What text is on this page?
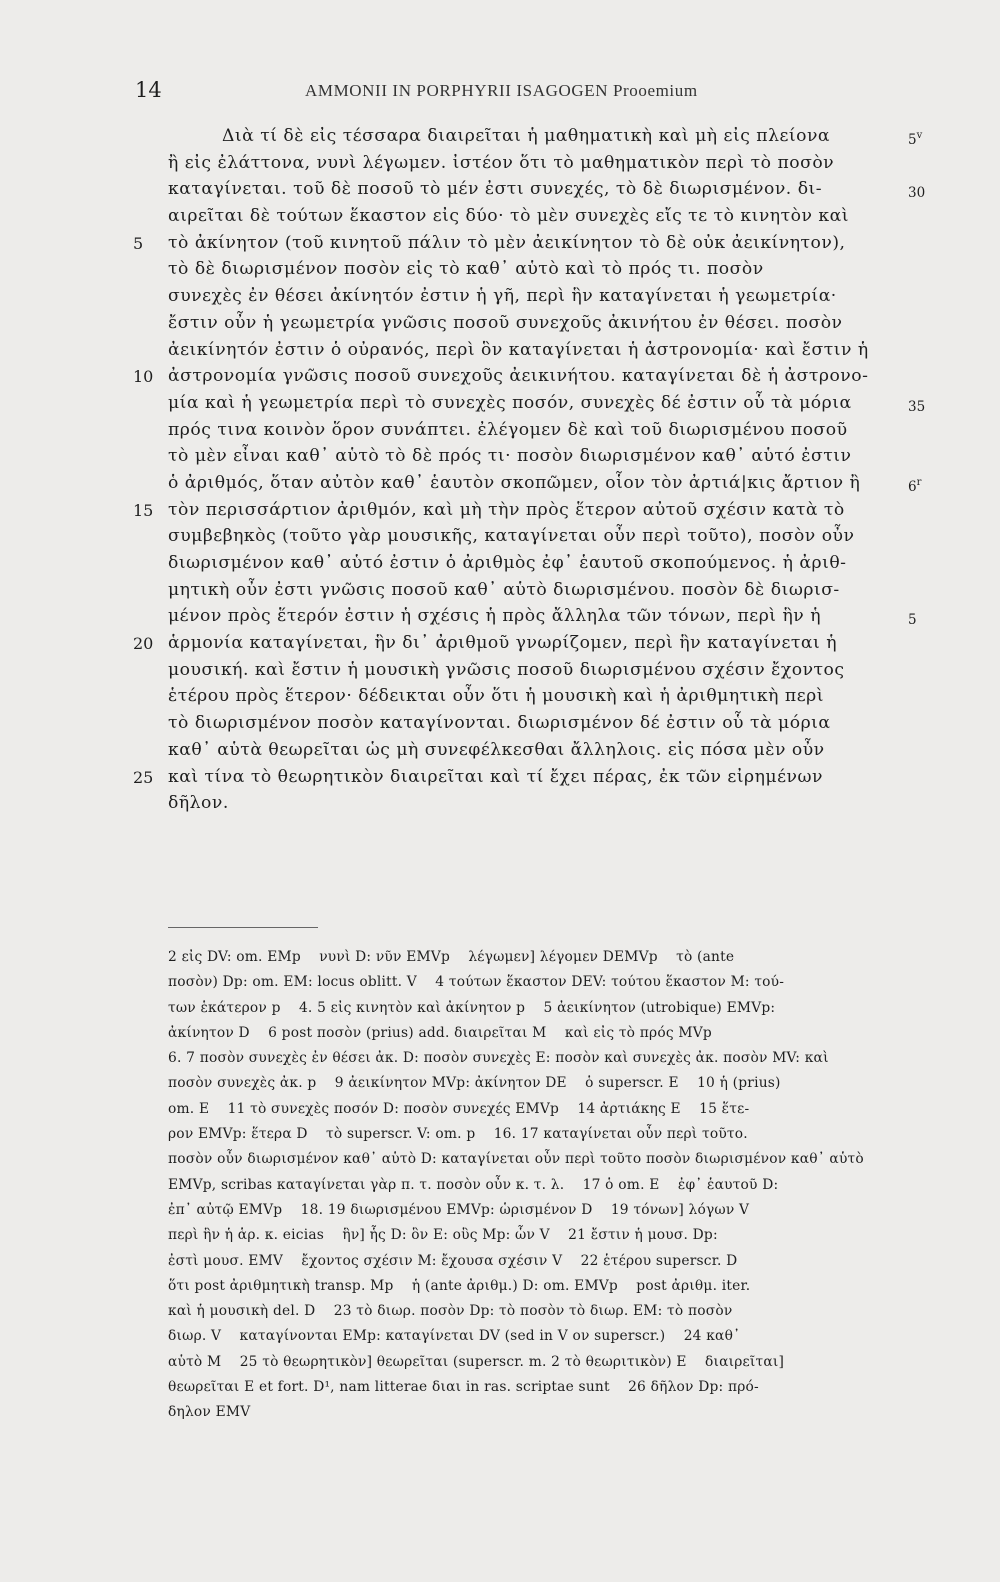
14	AMMONII IN PORPHYRII ISAGOGEN Prooemium
Διὰ τί δὲ εἰς τέσσαρα διαιρεῖται ἡ μαθηματικὴ καὶ μὴ εἰς πλείονα	5$^v$
ἢ εἰς ἐλάττονα, νυνὶ λέγωμεν. ἰστέον ὅτι τὸ μαθηματικὸν περὶ τὸ ποσὸν
καταγίνεται. τοῦ δὲ ποσοῦ τὸ μέν ἐστι συνεχές, τὸ δὲ διωρισμένον. δι-	30
αιρεῖται δὲ τούτων ἕκαστον εἰς δύο· τὸ μὲν συνεχὲς εἴς τε τὸ κινητὸν καὶ
5 τὸ ἀκίνητον (τοῦ κινητοῦ πάλιν τὸ μὲν ἀεικίνητον τὸ δὲ οὐκ ἀεικίνητον),
τὸ δὲ διωρισμένον ποσὸν εἰς τὸ καθ᾽ αὑτὸ καὶ τὸ πρός τι. ποσὸν
συνεχὲς ἐν θέσει ἀκίνητόν ἐστιν ἡ γῆ, περὶ ἣν καταγίνεται ἡ γεωμετρία·
ἔστιν οὖν ἡ γεωμετρία γνῶσις ποσοῦ συνεχοῦς ἀκινήτου ἐν θέσει. ποσὸν
ἀεικίνητόν ἐστιν ὁ οὐρανός, περὶ ὃν καταγίνεται ἡ ἀστρονομία· καὶ ἔστιν ἡ
10 ἀστρονομία γνῶσις ποσοῦ συνεχοῦς ἀεικινήτου. καταγίνεται δὲ ἡ ἀστρονο-
μία καὶ ἡ γεωμετρία περὶ τὸ συνεχὲς ποσόν, συνεχὲς δέ ἐστιν οὗ τὰ μόρια	35
πρός τινα κοινὸν ὅρον συνάπτει. ἐλέγομεν δὲ καὶ τοῦ διωρισμένου ποσοῦ
τὸ μὲν εἶναι καθ᾽ αὑτὸ τὸ δὲ πρός τι· ποσὸν διωρισμένον καθ᾽ αὑτό ἐστιν
ὁ ἀριθμός, ὅταν αὐτὸν καθ᾽ ἑαυτὸν σκοπῶμεν, οἷον τὸν ἀρτιά|κις ἄρτιον ἢ	6$^r$
15 τὸν περισσάρτιον ἀριθμόν, καὶ μὴ τὴν πρὸς ἕτερον αὐτοῦ σχέσιν κατὰ τὸ
συμβεβηκὸς (τοῦτο γὰρ μουσικῆς, καταγίνεται οὖν περὶ τοῦτο), ποσὸν οὖν
διωρισμένον καθ᾽ αὑτό ἐστιν ὁ ἀριθμὸς ἐφ᾽ ἑαυτοῦ σκοπούμενος. ἡ ἀριθ-
μητικὴ οὖν ἐστι γνῶσις ποσοῦ καθ᾽ αὑτὸ διωρισμένου. ποσὸν δὲ διωρισ-
μένον πρὸς ἕτερόν ἐστιν ἡ σχέσις ἡ πρὸς ἄλληλα τῶν τόνων, περὶ ἣν ἡ	5
20 ἁρμονία καταγίνεται, ἣν δι᾽ ἀριθμοῦ γνωρίζομεν, περὶ ἣν καταγίνεται ἡ
μουσική. καὶ ἔστιν ἡ μουσικὴ γνῶσις ποσοῦ διωρισμένου σχέσιν ἔχοντος
ἑτέρου πρὸς ἕτερον· δέδεικται οὖν ὅτι ἡ μουσικὴ καὶ ἡ ἀριθμητικὴ περὶ
τὸ διωρισμένον ποσὸν καταγίνονται. διωρισμένον δέ ἐστιν οὗ τὰ μόρια
καθ᾽ αὑτὰ θεωρεῖται ὡς μὴ συνεφέλκεσθαι ἄλληλοις. εἰς πόσα μὲν οὖν
25 καὶ τίνα τὸ θεωρητικὸν διαιρεῖται καὶ τί ἔχει πέρας, ἐκ τῶν εἰρημένων
δῆλον.
2 εἰς DV: om. EMp    νυνὶ D: νῦν EMVp    λέγωμεν] λέγομεν DEMVp    τὸ (ante
ποσὸν) Dp: om. EM: locus oblitt. V    4 τούτων ἕκαστον DEV: τούτου ἕκαστον M: τού-
των ἑκάτερον p    4. 5 εἰς κινητὸν καὶ ἀκίνητον p    5 ἀεικίνητον (utrobique) EMVp:
ἀκίνητον D    6 post ποσὸν (prius) add. διαιρεῖται M    καὶ εἰς τὸ πρός MVp
6. 7 ποσὸν συνεχὲς ἐν θέσει ἀκ. D: ποσὸν συνεχὲς E: ποσὸν καὶ συνεχὲς ἀκ. ποσὸν MV: καὶ
ποσὸν συνεχὲς ἀκ. p    9 ἀεικίνητον MVp: ἀκίνητον DE    ὁ superscr. E    10 ἡ (prius)
om. E    11 τὸ συνεχὲς ποσόν D: ποσὸν συνεχές EMVp    14 ἀρτιάκης E    15 ἕτε-
ρον EMVp: ἕτερα D    τὸ superscr. V: om. p    16. 17 καταγίνεται οὖν περὶ τοῦτο.
ποσὸν οὖν διωρισμένον καθ᾽ αὑτὸ D: καταγίνεται οὖν περὶ τοῦτο ποσὸν διωρισμένον καθ᾽ αὑτὸ
EMVp, scribas καταγίνεται γὰρ π. τ. ποσὸν οὖν κ. τ. λ.    17 ὁ om. E    ἐφ᾽ ἑαυτοῦ D:
ἐπ᾽ αὐτῷ EMVp    18. 19 διωρισμένου EMVp: ὡρισμένον D    19 τόνων] λόγων V
περὶ ἣν ἡ ἁρ. κ. eicias    ἣν] ἧς D: ὃν E: οὓς Mp: ὧν V    21 ἔστιν ἡ μουσ. Dp:
ἐστὶ μουσ. EMV    ἔχοντος σχέσιν M: ἔχουσα σχέσιν V    22 ἑτέρου superscr. D
ὅτι post ἀριθμητικὴ transp. Mp    ἡ (ante ἀριθμ.) D: om. EMVp    post ἀριθμ. iter.
καὶ ἡ μουσικὴ del. D    23 τὸ διωρ. ποσὸν Dp: τὸ ποσὸν τὸ διωρ. EM: τὸ ποσὸν
διωρ. V    καταγίνονται EMp: καταγίνεται DV (sed in V ον superscr.)    24 καθ᾽
αὑτὸ M    25 τὸ θεωρητικὸν] θεωρεῖται (superscr. m. 2 τὸ θεωριτικὸν) E    διαιρεῖται]
θεωρεῖται E et fort. D¹, nam litterae διαι in ras. scriptae sunt    26 δῆλον Dp: πρό-
δηλον EMV
